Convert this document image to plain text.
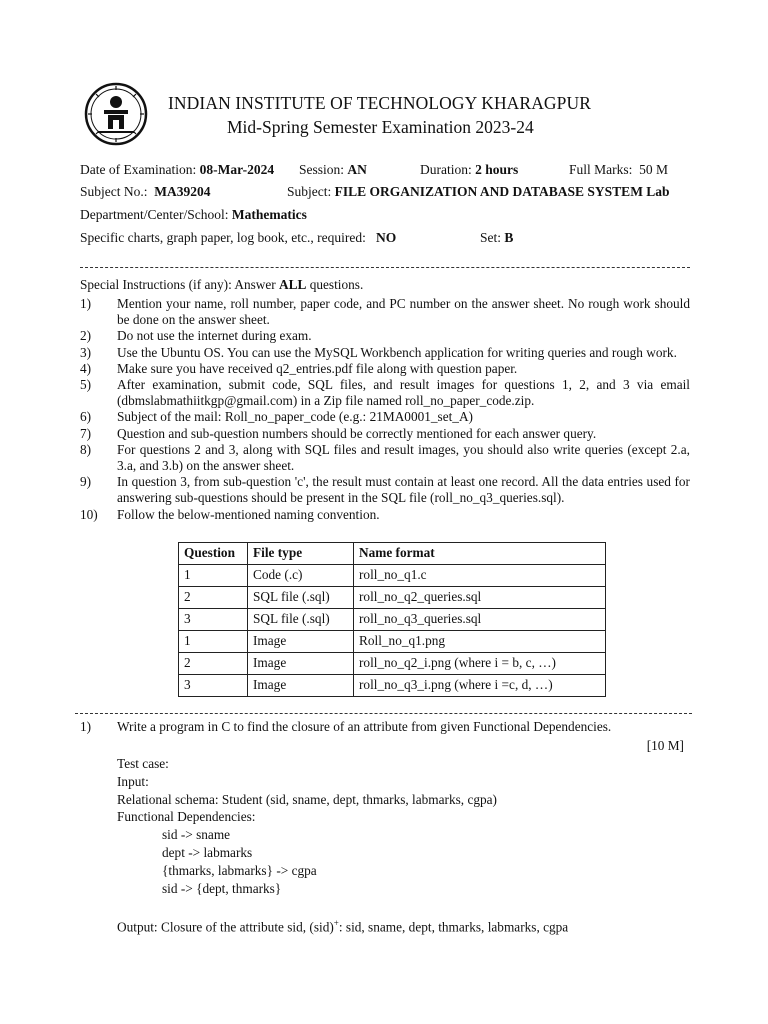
INDIAN INSTITUTE OF TECHNOLOGY KHARAGPUR
Mid-Spring Semester Examination 2023-24
Date of Examination: 08-Mar-2024 Session: AN	Duration: 2 hours	Full Marks: 50 M
Subject No.: MA39204	Subject: FILE ORGANIZATION AND DATABASE SYSTEM Lab
Department/Center/School: Mathematics
Specific charts, graph paper, log book, etc., required: NO	Set: B
Special Instructions (if any): Answer ALL questions.
1)	Mention your name, roll number, paper code, and PC number on the answer sheet. No rough work should be done on the answer sheet.
2)	Do not use the internet during exam.
3)	Use the Ubuntu OS. You can use the MySQL Workbench application for writing queries and rough work.
4)	Make sure you have received q2_entries.pdf file along with question paper.
5)	After examination, submit code, SQL files, and result images for questions 1, 2, and 3 via email (dbmslabmathiitkgp@gmail.com) in a Zip file named roll_no_paper_code.zip.
6)	Subject of the mail: Roll_no_paper_code (e.g.: 21MA0001_set_A)
7)	Question and sub-question numbers should be correctly mentioned for each answer query.
8)	For questions 2 and 3, along with SQL files and result images, you should also write queries (except 2.a, 3.a, and 3.b) on the answer sheet.
9)	In question 3, from sub-question 'c', the result must contain at least one record. All the data entries used for answering sub-questions should be present in the SQL file (roll_no_q3_queries.sql).
10)	Follow the below-mentioned naming convention.
Question	File type	Name format
1	Code (.c)	roll_no_q1.c
2	SQL file (.sql)	roll_no_q2_queries.sql
3	SQL file (.sql)	roll_no_q3_queries.sql
1	Image	Roll_no_q1.png
2	Image	roll_no_q2_i.png (where i = b, c, …)
3	Image	roll_no_q3_i.png (where i =c, d, …)
1) Write a program in C to find the closure of an attribute from given Functional Dependencies.
[10 M]
Test case:
Input:
Relational schema: Student (sid, sname, dept, thmarks, labmarks, cgpa)
Functional Dependencies:
sid -> sname
dept -> labmarks
{thmarks, labmarks} -> cgpa
sid -> {dept, thmarks}
Output: Closure of the attribute sid, (sid)+: sid, sname, dept, thmarks, labmarks, cgpa
